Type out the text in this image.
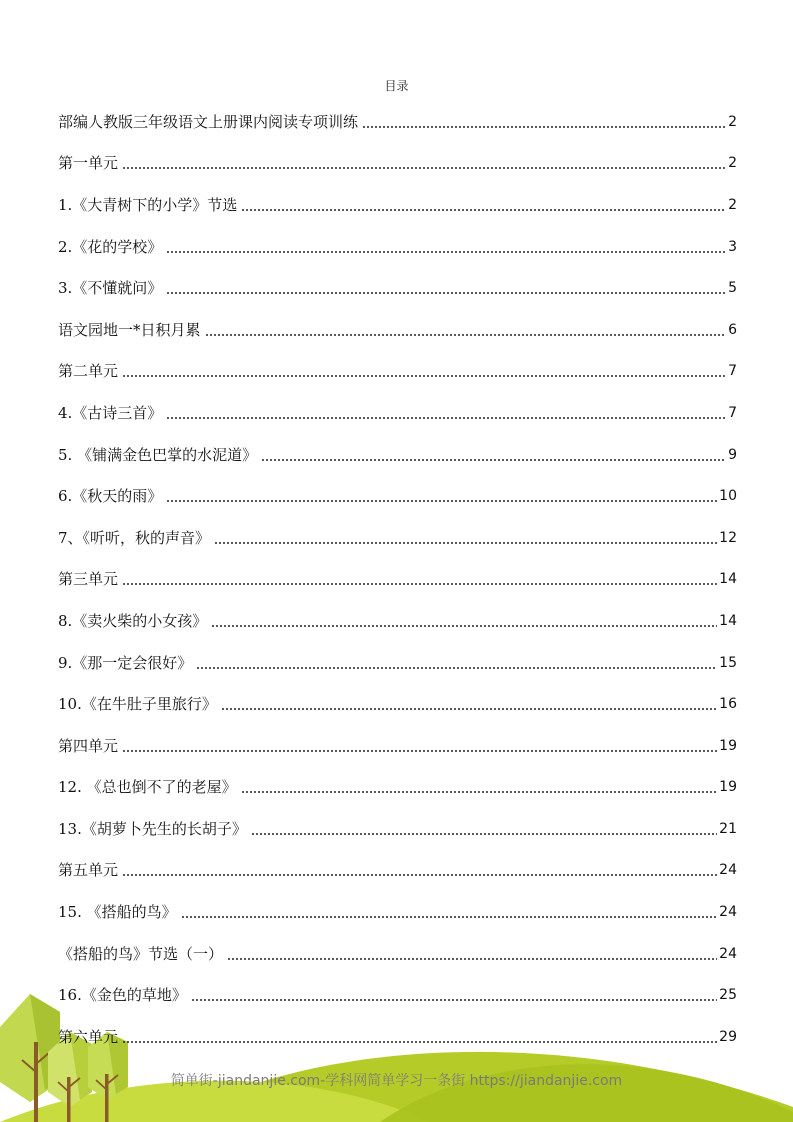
目录
部编人教版三年级语文上册课内阅读专项训练	2
第一单元	2
1.《大青树下的小学》节选	2
2.《花的学校》	3
3.《不懂就问》	5
语文园地一*日积月累	6
第二单元	7
4.《古诗三首》	7
5. 《铺满金色巴掌的水泥道》	9
6.《秋天的雨》	10
7、《听听，秋的声音》	12
第三单元	14
8.《卖火柴的小女孩》	14
9.《那一定会很好》	15
10.《在牛肚子里旅行》	16
第四单元	19
12. 《总也倒不了的老屋》	19
13.《胡萝卜先生的长胡子》	21
第五单元	24
15. 《搭船的鸟》	24
《搭船的鸟》节选（一）	24
16.《金色的草地》	25
第六单元	29
简单街-jiandanjie.com-学科网简单学习一条街 https://jiandanjie.com
